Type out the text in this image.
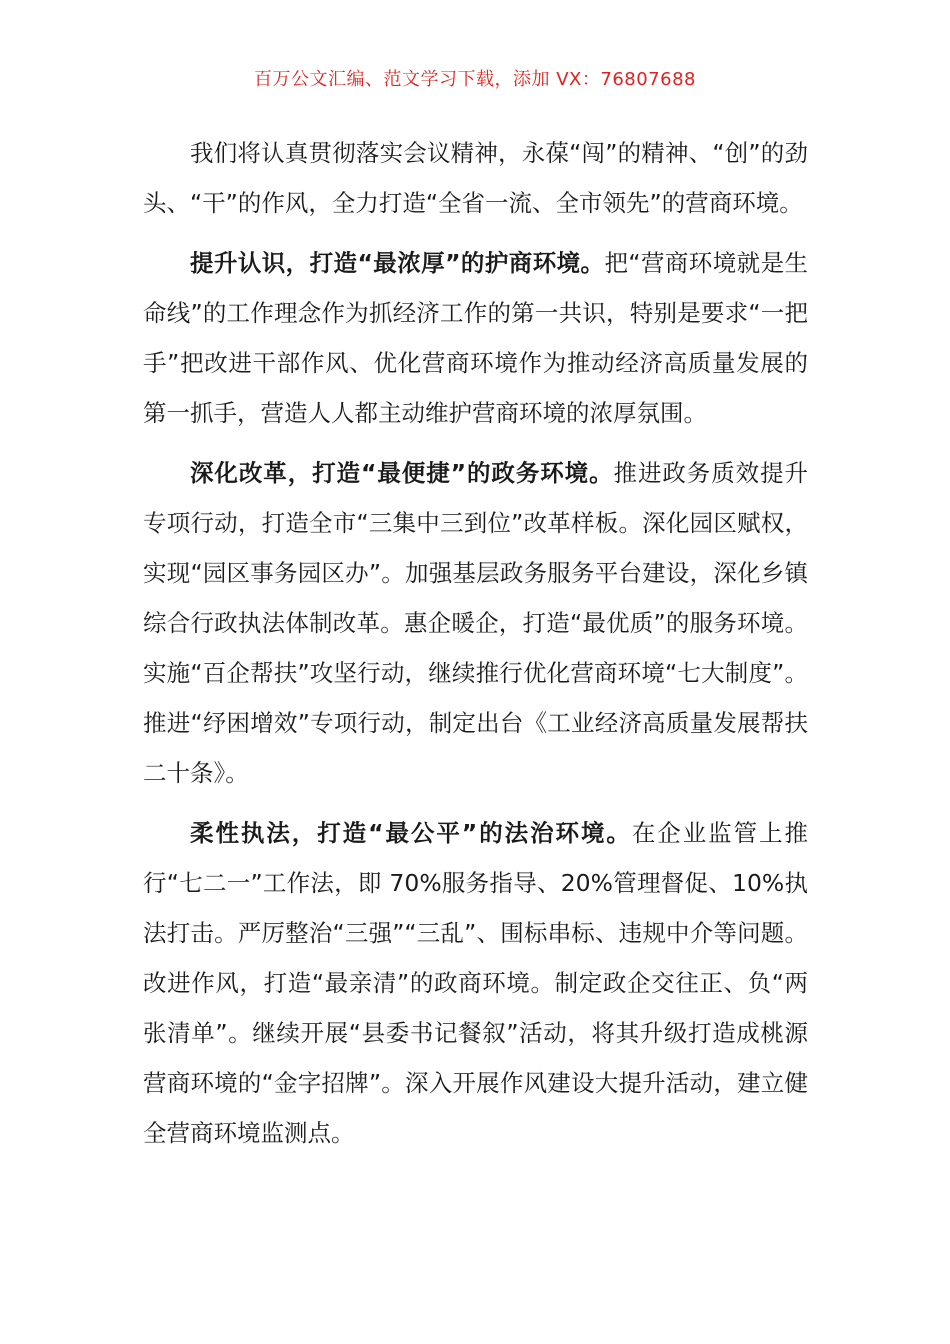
百万公文汇编、范文学习下载，添加 VX：76807688

我们将认真贯彻落实会议精神，永葆“闯”的精神、“创”的劲头、“干”的作风，全力打造“全省一流、全市领先”的营商环境。

提升认识，打造“最浓厚”的护商环境。把“营商环境就是生命线”的工作理念作为抓经济工作的第一共识，特别是要求“一把手”把改进干部作风、优化营商环境作为推动经济高质量发展的第一抓手，营造人人都主动维护营商环境的浓厚氛围。

深化改革，打造“最便捷”的政务环境。推进政务质效提升专项行动，打造全市“三集中三到位”改革样板。深化园区赋权，实现“园区事务园区办”。加强基层政务服务平台建设，深化乡镇综合行政执法体制改革。惠企暖企，打造“最优质”的服务环境。实施“百企帮扶”攻坚行动，继续推行优化营商环境“七大制度”。推进“纾困增效”专项行动，制定出台《工业经济高质量发展帮扶二十条》。

柔性执法，打造“最公平”的法治环境。在企业监管上推行“七二一”工作法，即 70%服务指导、20%管理督促、10%执法打击。严厉整治“三强”“三乱”、围标串标、违规中介等问题。改进作风，打造“最亲清”的政商环境。制定政企交往正、负“两张清单”。继续开展“县委书记餐叙”活动，将其升级打造成桃源营商环境的“金字招牌”。深入开展作风建设大提升活动，建立健全营商环境监测点。
